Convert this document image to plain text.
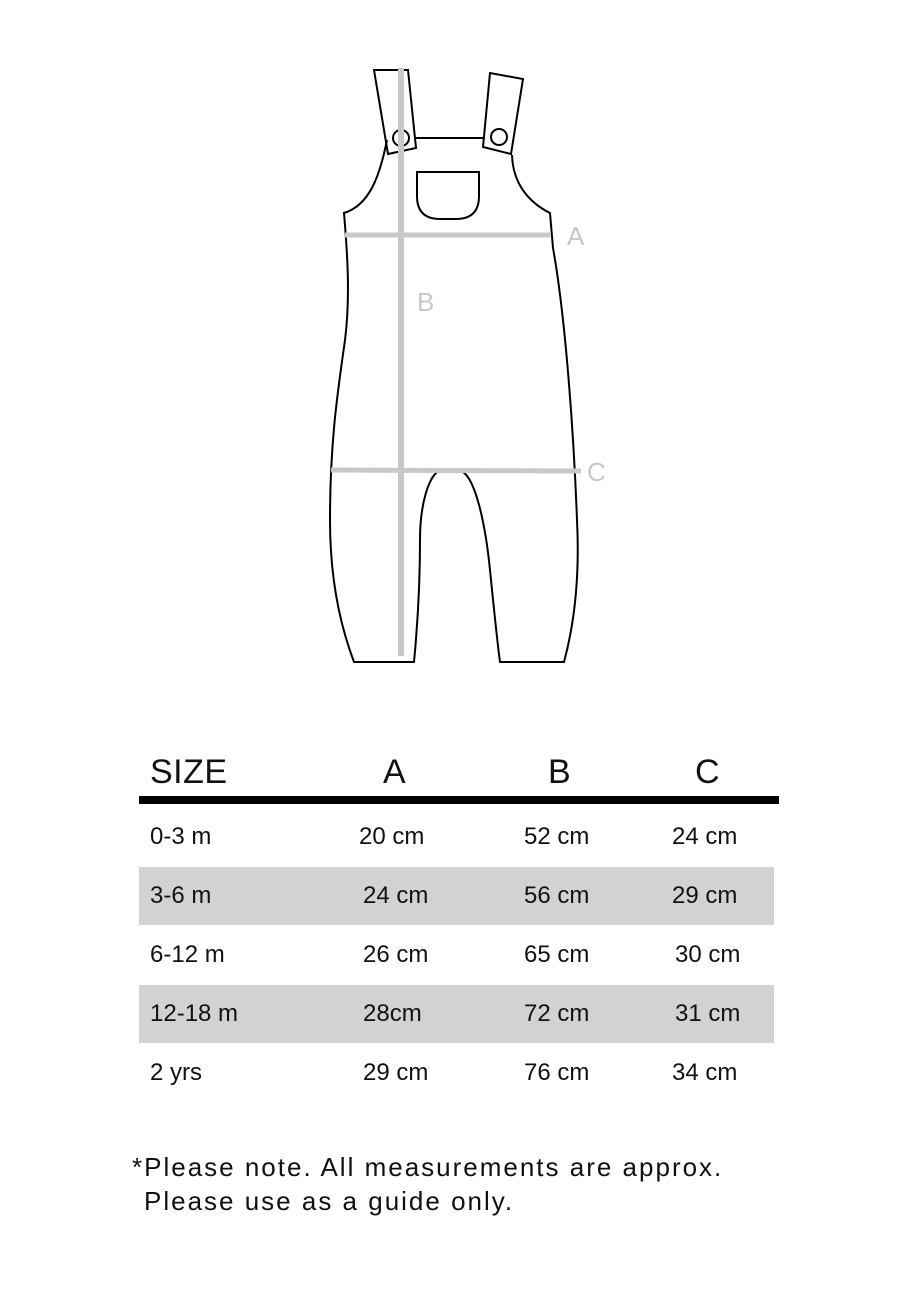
A
B
C
SIZE	A	B	C
0-3 m	20 cm	52 cm	24 cm
3-6 m	24 cm	56 cm	29 cm
6-12 m	26 cm	65 cm	30 cm
12-18 m	28cm	72 cm	31 cm
2 yrs	29 cm	76 cm	34 cm
*Please note. All measurements are approx.
Please use as a guide only.
